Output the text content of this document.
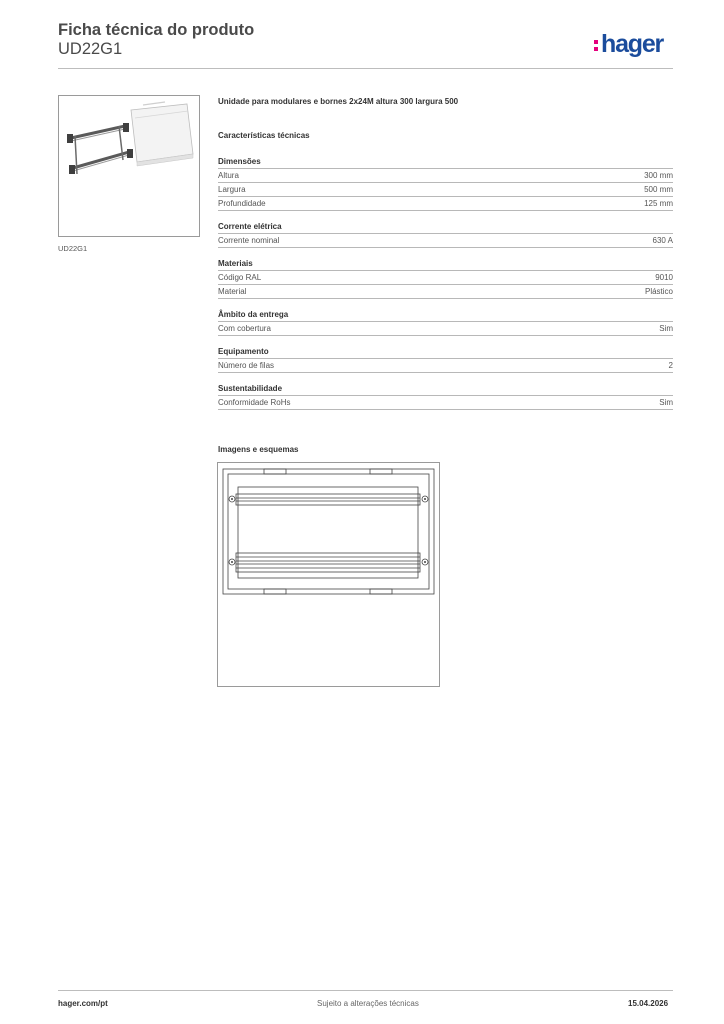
Ficha técnica do produto
UD22G1	hager
UD22G1
Unidade para modulares e bornes 2x24M altura 300 largura 500
Características técnicas
Dimensões
Altura	300 mm
Largura	500 mm
Profundidade	125 mm
Corrente elétrica
Corrente nominal	630 A
Materiais
Código RAL	9010
Material	Plástico
Âmbito da entrega
Com cobertura	Sim
Equipamento
Número de filas	2
Sustentabilidade
Conformidade RoHs	Sim
Imagens e esquemas
hager.com/pt	Sujeito a alterações técnicas	15.04.2026
